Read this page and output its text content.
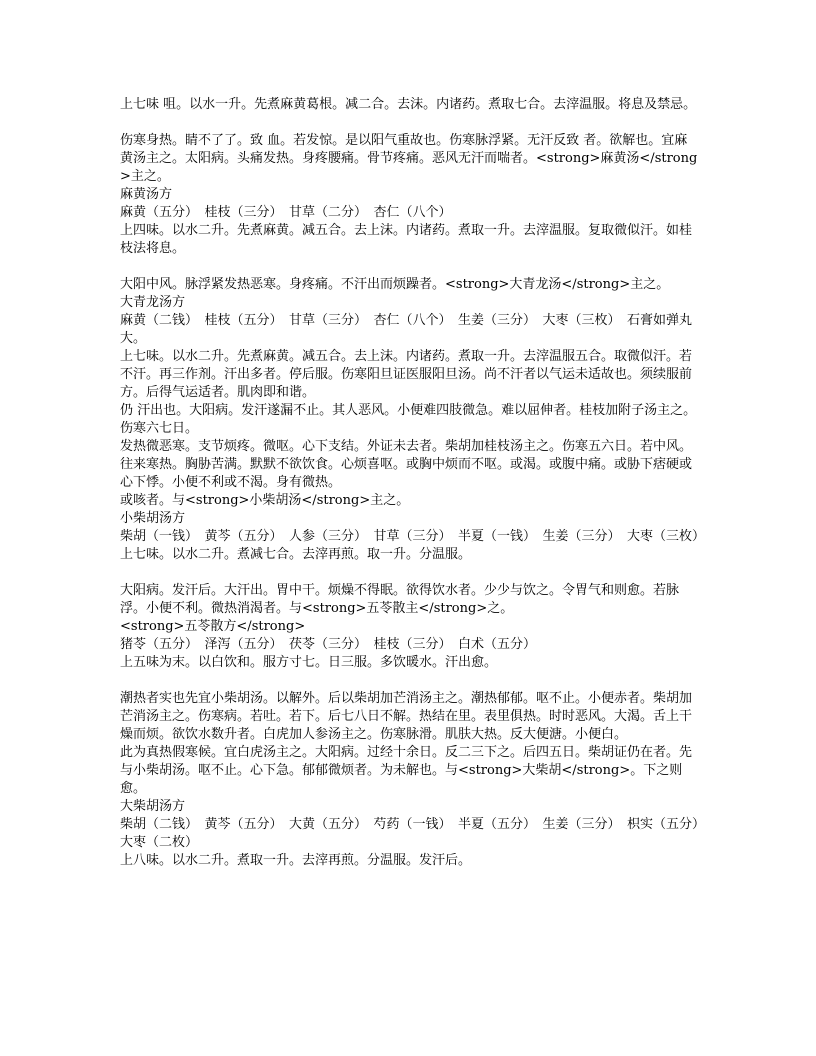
上七味 咀。以水一升。先煮麻黄葛根。减二合。去沫。内诸药。煮取七合。去滓温服。将息及禁忌。

伤寒身热。睛不了了。致 血。若发惊。是以阳气重故也。伤寒脉浮紧。无汗反致 者。欲解也。宜麻黄汤主之。太阳病。头痛发热。身疼腰痛。骨节疼痛。恶风无汗而喘者。<strong>麻黄汤</strong>主之。

麻黄汤方

麻黄（五分）　桂枝（三分）　甘草（二分）　杏仁（八个）

上四味。以水二升。先煮麻黄。减五合。去上沫。内诸药。煮取一升。去滓温服。复取微似汗。如桂枝法将息。

大阳中风。脉浮紧发热恶寒。身疼痛。不汗出而烦躁者。<strong>大青龙汤</strong>主之。

大青龙汤方

麻黄（二钱）　桂枝（五分）　甘草（三分）　杏仁（八个）　生姜（三分）　大枣（三枚）　石膏如弹丸大。

上七味。以水二升。先煮麻黄。减五合。去上沫。内诸药。煮取一升。去滓温服五合。取微似汗。若不汗。再三作剂。汗出多者。停后服。伤寒阳旦证医服阳旦汤。尚不汗者以气运未适故也。须续服前方。后得气运适者。肌肉即和谐。

仍 汗出也。大阳病。发汗遂漏不止。其人恶风。小便难四肢微急。难以屈伸者。桂枝加附子汤主之。伤寒六七日。

发热微恶寒。支节烦疼。微呕。心下支结。外证未去者。柴胡加桂枝汤主之。伤寒五六日。若中风。往来寒热。胸胁苦满。默默不欲饮食。心烦喜呕。或胸中烦而不呕。或渴。或腹中痛。或胁下痞硬或心下悸。小便不利或不渴。身有微热。

或咳者。与<strong>小柴胡汤</strong>主之。

小柴胡汤方

柴胡（一钱）　黄芩（五分）　人参（三分）　甘草（三分）　半夏（一钱）　生姜（三分）　大枣（三枚）

上七味。以水二升。煮减七合。去滓再煎。取一升。分温服。

大阳病。发汗后。大汗出。胃中干。烦燥不得眠。欲得饮水者。少少与饮之。令胃气和则愈。若脉浮。小便不利。微热消渴者。与<strong>五苓散主</strong>之。

<strong>五苓散方</strong>

猪苓（五分）　泽泻（五分）　茯苓（三分）　桂枝（三分）　白术（五分）

上五味为末。以白饮和。服方寸七。日三服。多饮暖水。汗出愈。

潮热者实也先宜小柴胡汤。以解外。后以柴胡加芒消汤主之。潮热郁郁。呕不止。小便赤者。柴胡加芒消汤主之。伤寒病。若吐。若下。后七八日不解。热结在里。表里俱热。时时恶风。大渴。舌上干燥而烦。欲饮水数升者。白虎加人参汤主之。伤寒脉滑。肌肤大热。反大便溏。小便白。

此为真热假寒候。宜白虎汤主之。大阳病。过经十余日。反二三下之。后四五日。柴胡证仍在者。先与小柴胡汤。呕不止。心下急。郁郁微烦者。为未解也。与<strong>大柴胡</strong>。下之则愈。

大柴胡汤方

柴胡（二钱）　黄芩（五分）　大黄（五分）　芍药（一钱）　半夏（五分）　生姜（三分）　枳实（五分）　大枣（二枚）

上八味。以水二升。煮取一升。去滓再煎。分温服。发汗后。
